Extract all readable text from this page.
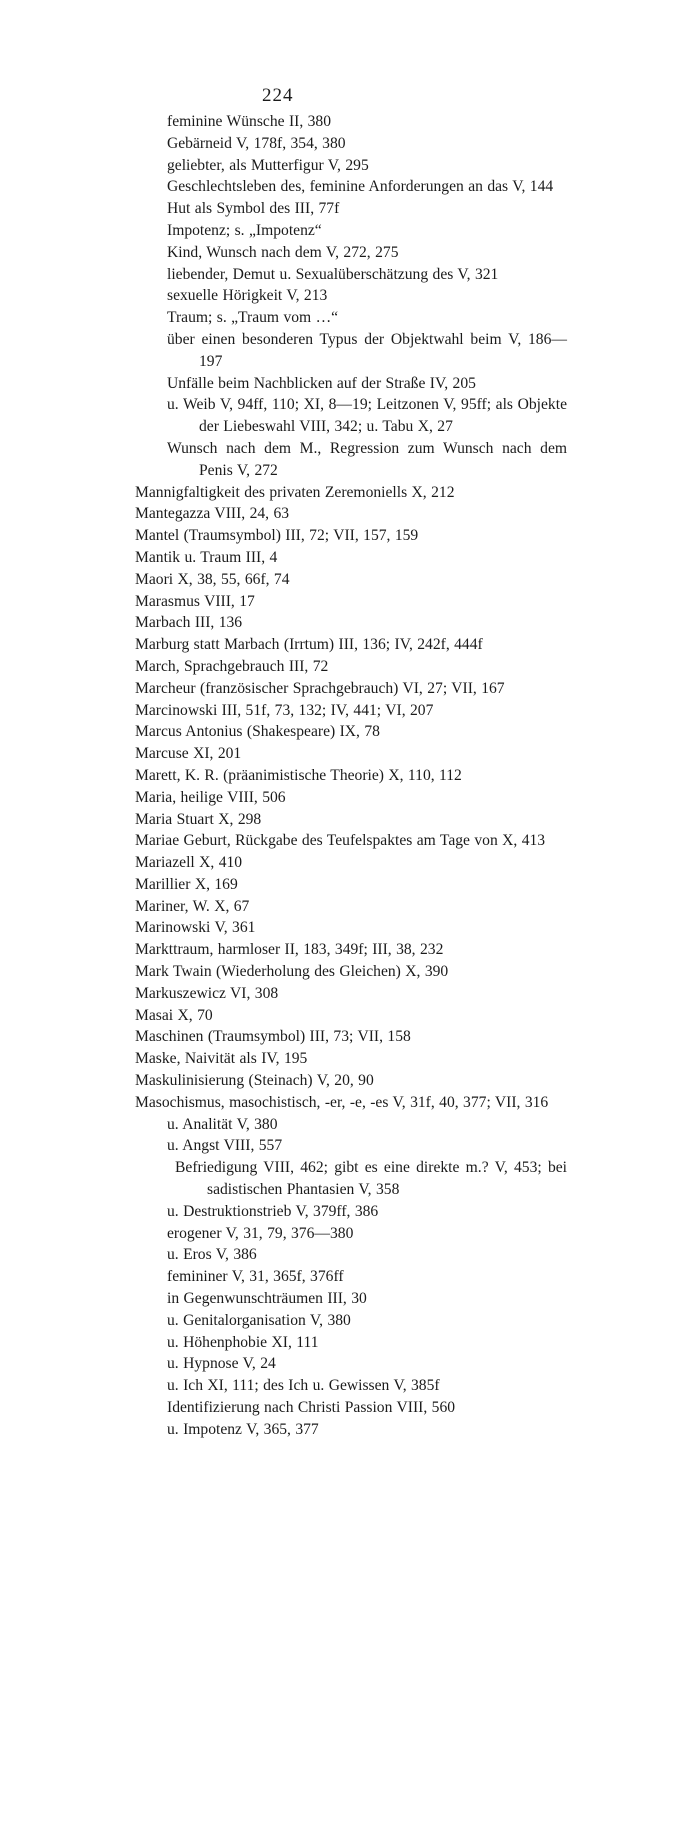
224
feminine Wünsche II, 380
Gebärneid V, 178f, 354, 380
geliebter, als Mutterfigur V, 295
Geschlechtsleben des, feminine Anforderungen an das V, 144
Hut als Symbol des III, 77f
Impotenz; s. „Impotenz“
Kind, Wunsch nach dem V, 272, 275
liebender, Demut u. Sexualüberschätzung des V, 321
sexuelle Hörigkeit V, 213
Traum; s. „Traum vom …“
über einen besonderen Typus der Objektwahl beim V, 186—197
Unfälle beim Nachblicken auf der Straße IV, 205
u. Weib V, 94ff, 110; XI, 8—19; Leitzonen V, 95ff; als Objekte der Liebeswahl VIII, 342; u. Tabu X, 27
Wunsch nach dem M., Regression zum Wunsch nach dem Penis V, 272
Mannigfaltigkeit des privaten Zeremoniells X, 212
Mantegazza VIII, 24, 63
Mantel (Traumsymbol) III, 72; VII, 157, 159
Mantik u. Traum III, 4
Maori X, 38, 55, 66f, 74
Marasmus VIII, 17
Marbach III, 136
Marburg statt Marbach (Irrtum) III, 136; IV, 242f, 444f
March, Sprachgebrauch III, 72
Marcheur (französischer Sprachgebrauch) VI, 27; VII, 167
Marcinowski III, 51f, 73, 132; IV, 441; VI, 207
Marcus Antonius (Shakespeare) IX, 78
Marcuse XI, 201
Marett, K. R. (präanimistische Theorie) X, 110, 112
Maria, heilige VIII, 506
Maria Stuart X, 298
Mariae Geburt, Rückgabe des Teufelspaktes am Tage von X, 413
Mariazell X, 410
Marillier X, 169
Mariner, W. X, 67
Marinowski V, 361
Markttraum, harmloser II, 183, 349f; III, 38, 232
Mark Twain (Wiederholung des Gleichen) X, 390
Markuszewicz VI, 308
Masai X, 70
Maschinen (Traumsymbol) III, 73; VII, 158
Maske, Naivität als IV, 195
Maskulinisierung (Steinach) V, 20, 90
Masochismus, masochistisch, -er, -e, -es V, 31f, 40, 377; VII, 316
u. Analität V, 380
u. Angst VIII, 557
Befriedigung VIII, 462; gibt es eine direkte m.? V, 453; bei sadistischen Phantasien V, 358
u. Destruktionstrieb V, 379ff, 386
erogener V, 31, 79, 376—380
u. Eros V, 386
femininer V, 31, 365f, 376ff
in Gegenwunschträumen III, 30
u. Genitalorganisation V, 380
u. Höhenphobie XI, 111
u. Hypnose V, 24
u. Ich XI, 111; des Ich u. Gewissen V, 385f
Identifizierung nach Christi Passion VIII, 560
u. Impotenz V, 365, 377
